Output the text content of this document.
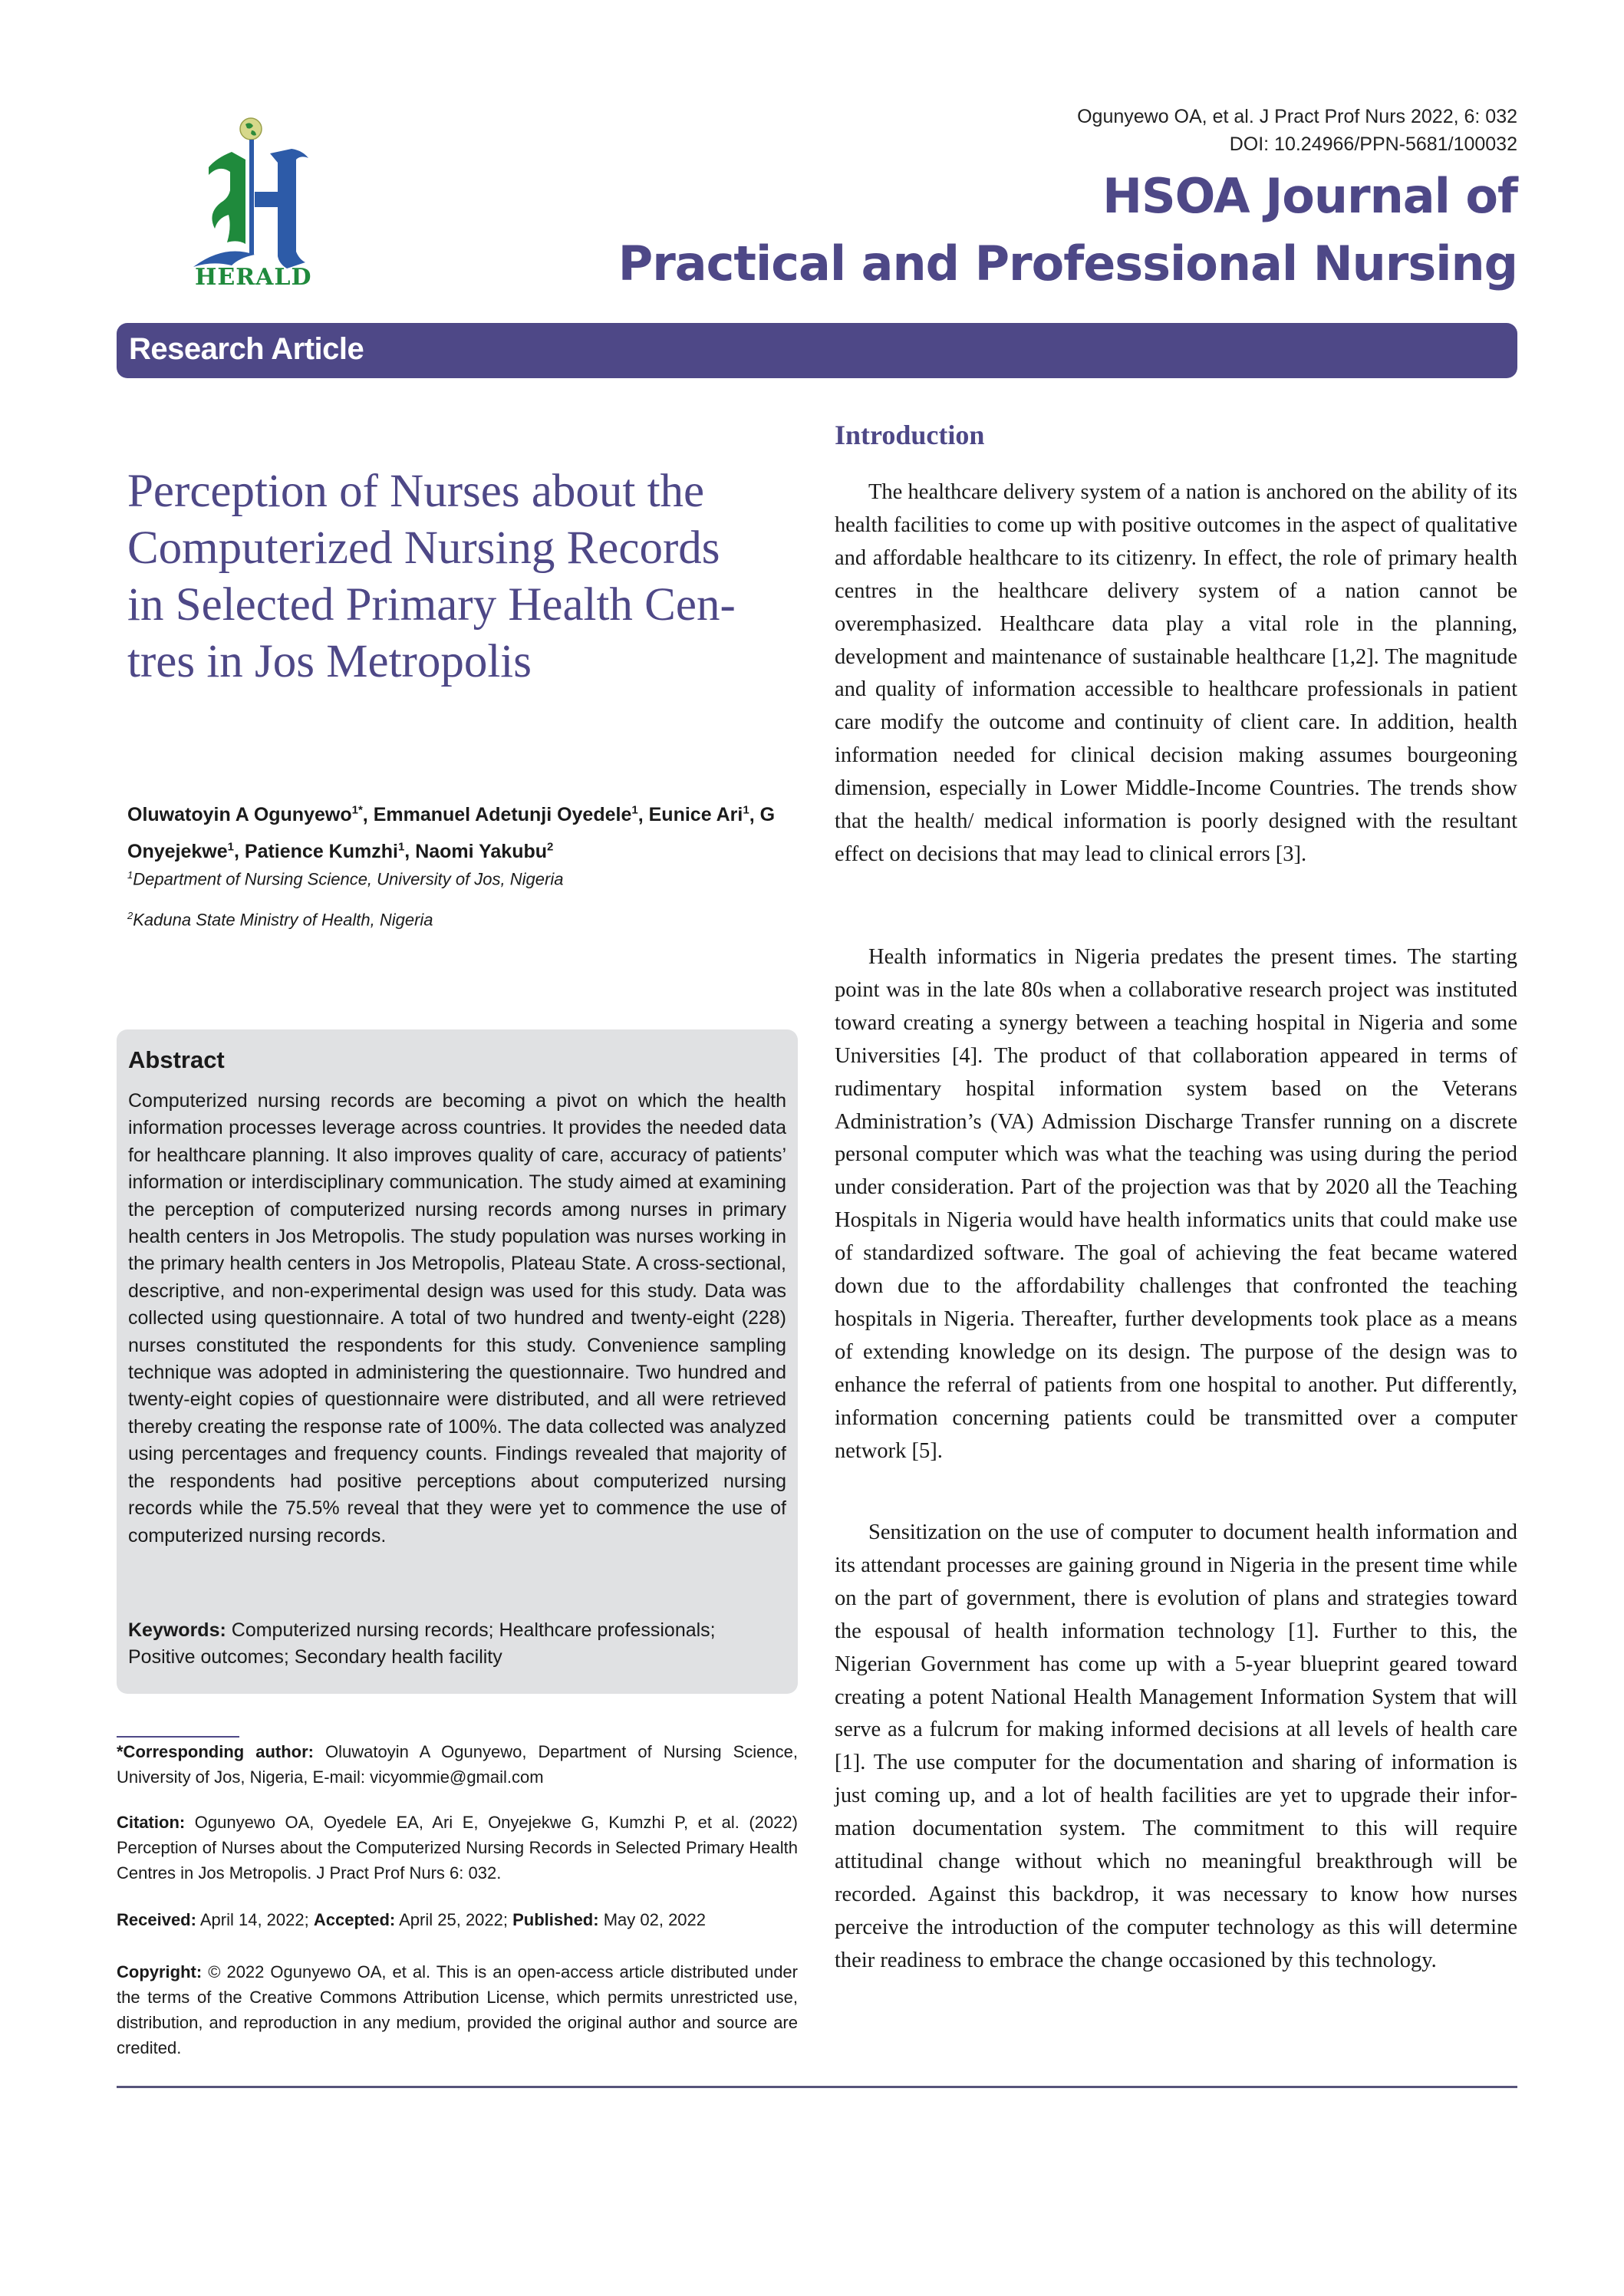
HERALD
Ogunyewo OA, et al. J Pract Prof Nurs 2022, 6: 032
DOI: 10.24966/PPN-5681/100032
HSOA Journal of
Practical and Professional Nursing
Research Article
Perception of Nurses about the
Computerized Nursing Records
in Selected Primary Health Cen-
tres in Jos Metropolis
Oluwatoyin A Ogunyewo$^{1*}$, Emmanuel Adetunji Oyedele$^1$, Eunice Ari$^1$, G Onyejekwe$^1$, Patience Kumzhi$^1$, Naomi Yakubu$^2$
$^1$Department of Nursing Science, University of Jos, Nigeria
$^2$Kaduna State Ministry of Health, Nigeria
Abstract
Computerized nursing records are becoming a pivot on which the health information processes leverage across countries. It provides the needed data for healthcare planning. It also improves quality of care, accuracy of patients’ information or interdisciplinary communication. The study aimed at examining the perception of computerized nursing records among nurses in primary health centers in Jos Metropolis. The study population was nurses working in the primary health centers in Jos Metropolis, Plateau State. A cross-sectional, descriptive, and non-experimental design was used for this study. Data was collected using questionnaire. A total of two hundred and twenty-eight (228) nurses constituted the respondents for this study. Convenience sampling technique was adopted in administering the questionnaire. Two hundred and twenty-eight copies of questionnaire were distributed, and all were retrieved thereby creating the response rate of 100%. The data collected was analyzed using percentages and frequency counts. Findings revealed that majority of the respondents had positive perceptions about computerized nursing records while the 75.5% reveal that they were yet to commence the use of computerized nursing records.
Keywords: Computerized nursing records; Healthcare professionals; Positive outcomes; Secondary health facility
*Corresponding author: Oluwatoyin A Ogunyewo, Department of Nursing Science, University of Jos, Nigeria, E-mail: vicyommie@gmail.com
Citation: Ogunyewo OA, Oyedele EA, Ari E, Onyejekwe G, Kumzhi P, et al. (2022) Perception of Nurses about the Computerized Nursing Records in Selected Primary Health Centres in Jos Metropolis. J Pract Prof Nurs 6: 032.
Received: April 14, 2022; Accepted: April 25, 2022; Published: May 02, 2022
Copyright: © 2022 Ogunyewo OA, et al. This is an open-access article distributed under the terms of the Creative Commons Attribution License, which permits unrestricted use, distribution, and reproduction in any medium, provided the original author and source are credited.
Introduction

The healthcare delivery system of a nation is anchored on the ability of its health facilities to come up with positive outcomes in the aspect of qualitative and affordable healthcare to its citizenry. In effect, the role of primary health centres in the healthcare delivery system of a nation cannot be overemphasized. Healthcare data play a vital role in the planning, development and maintenance of sustainable healthcare [1,2]. The magnitude and quality of information accessible to healthcare professionals in patient care modify the outcome and continuity of client care. In addition, health information needed for clinical decision making assumes bourgeoning dimension, especially in Lower Middle-Income Countries. The trends show that the health/ medical information is poorly designed with the resultant effect on decisions that may lead to clinical errors [3].

Health informatics in Nigeria predates the present times. The starting point was in the late 80s when a collaborative research project was instituted toward creating a synergy between a teaching hospital in Nigeria and some Universities [4]. The product of that collaboration appeared in terms of rudimentary hospital information system based on the Veterans Administration’s (VA) Admission Discharge Transfer running on a discrete personal computer which was what the teaching was using during the period under consideration. Part of the projection was that by 2020 all the Teaching Hospitals in Nigeria would have health informatics units that could make use of standardized software. The goal of achieving the feat became watered down due to the affordability challenges that confronted the teaching hospitals in Nigeria. Thereafter, further developments took place as a means of extending knowledge on its design. The purpose of the design was to enhance the referral of patients from one hospital to another. Put differently, information concerning patients could be transmitted over a computer network [5].

Sensitization on the use of computer to document health information and its attendant processes are gaining ground in Nigeria in the present time while on the part of government, there is evolution of plans and strategies toward the espousal of health information technology [1]. Further to this, the Nigerian Government has come up with a 5-year blueprint geared toward creating a potent National Health Management Information System that will serve as a fulcrum for making informed decisions at all levels of health care [1]. The use computer for the documentation and sharing of information is just coming up, and a lot of health facilities are yet to upgrade their information documentation system. The commitment to this will require attitudinal change without which no meaningful breakthrough will be recorded. Against this backdrop, it was necessary to know how nurses perceive the introduction of the computer technology as this will determine their readiness to embrace the change occasioned by this technology.
